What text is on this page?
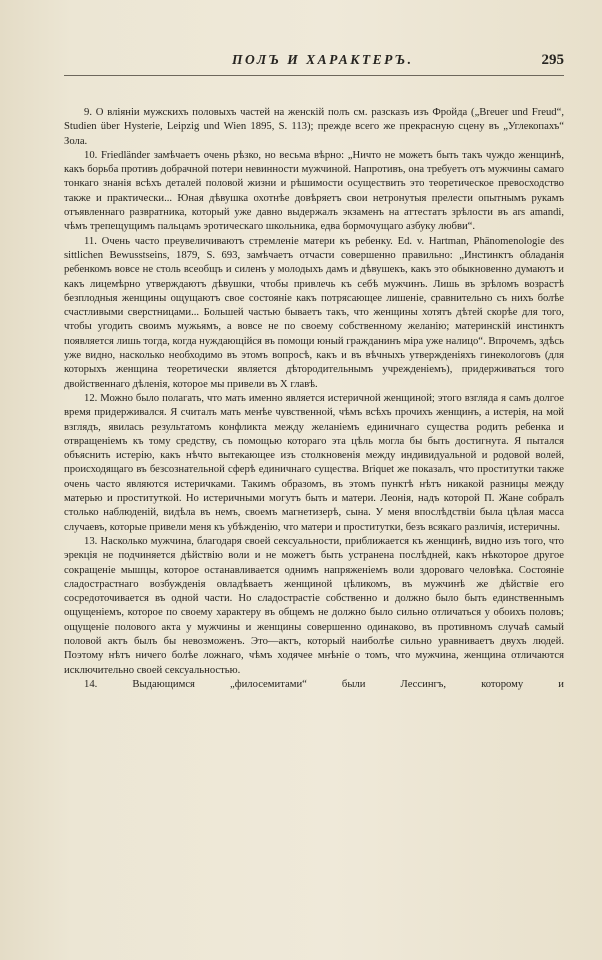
ПОЛЪ И ХАРАКТЕРЪ.	295

9. О вліяніи мужскихъ половыхъ частей на женскій полъ см. разсказъ изъ Фройда („Breuer und Freud“, Studien über Hysterie, Leipzig und Wien 1895, S. 113); прежде всего же прекрасную сцену въ „Углекопахъ“ Зола.

10. Friedländer замѣчаетъ очень рѣзко, но весьма вѣрно: „Ничто не можетъ быть такъ чуждо женщинѣ, какъ борьба противъ добрачной потери невинности мужчиной. Напротивъ, она требуетъ отъ мужчины самаго тонкаго знанія всѣхъ деталей половой жизни и рѣшимости осуществить это теоретическое превосходство также и практически... Юная дѣвушка охотнѣе довѣряетъ свои нетронутыя прелести опытнымъ рукамъ отъявленнаго развратника, который уже давно выдержалъ экзаменъ на аттестатъ зрѣлости въ ars amandi, чѣмъ трепещущимъ пальцамъ эротическаго школьника, едва бормочущаго азбуку любви“.

11. Очень часто преувеличиваютъ стремленіе матери къ ребенку. Ed. v. Hartman, Phänomenologie des sittlichen Bewusstseins, 1879, S. 693, замѣчаетъ отчасти совершенно правильно: „Инстинктъ обладанія ребенкомъ вовсе не столь всеобщъ и силенъ у молодыхъ дамъ и дѣвушекъ, какъ это обыкновенно думаютъ и какъ лицемѣрно утверждаютъ дѣвушки, чтобы привлечь къ себѣ мужчинъ. Лишь въ зрѣломъ возрастѣ безплодныя женщины ощущаютъ свое состояніе какъ потрясающее лишеніе, сравнительно съ нихъ болѣе счастливыми сверстницами... Большей частью бываетъ такъ, что женщины хотятъ дѣтей скорѣе для того, чтобы угодить своимъ мужьямъ, а вовсе не по своему собственному желанію; материнскій инстинктъ появляется лишь тогда, когда нуждающійся въ помощи юный гражданинъ міра уже налицо“. Впрочемъ, здѣсь уже видно, насколько необходимо въ этомъ вопросѣ, какъ и въ вѣчныхъ утвержденіяхъ гинекологовъ (для которыхъ женщина теоретически является дѣтородительнымъ учрежденіемъ), придерживаться того двойственнаго дѣленія, которое мы привели въ X главѣ.

12. Можно было полагать, что мать именно является истеричной женщиной; этого взгляда я самъ долгое время придерживался. Я считалъ мать менѣе чувственной, чѣмъ всѣхъ прочихъ женщинъ, а истерія, на мой взглядъ, явилась результатомъ конфликта между желаніемъ единичнаго существа родить ребенка и отвращеніемъ къ тому средству, съ помощью котораго эта цѣль могла бы быть достигнута. Я пытался объяснить истерію, какъ нѣчто вытекающее изъ столкновенія между индивидуальной и родовой волей, происходящаго въ безсознательной сферѣ единичнаго существа. Briquet же показалъ, что проститутки также очень часто являются истеричками. Такимъ образомъ, въ этомъ пунктѣ нѣтъ никакой разницы между матерью и проституткой. Но истеричными могутъ быть и матери. Леонія, надъ которой П. Жане собралъ столько наблюденій, видѣла въ немъ, своемъ магнетизерѣ, сына. У меня впослѣдствіи была цѣлая масса случаевъ, которые привели меня къ убѣжденію, что матери и проститутки, безъ всякаго различія, истеричны.

13. Насколько мужчина, благодаря своей сексуальности, приближается къ женщинѣ, видно изъ того, что эрекція не подчиняется дѣйствію воли и не можетъ быть устранена послѣдней, какъ нѣкоторое другое сокращеніе мышцы, которое останавливается однимъ напряженіемъ воли здороваго человѣка. Состояніе сладострастнаго возбужденія овладѣваетъ женщиной цѣликомъ, въ мужчинѣ же дѣйствіе его сосредоточивается въ одной части. Но сладострастіе собственно и должно было быть единственнымъ ощущеніемъ, которое по своему характеру въ общемъ не должно было сильно отличаться у обоихъ половъ; ощущеніе полового акта у мужчины и женщины совершенно одинаково, въ противномъ случаѣ самый половой актъ былъ бы невозможенъ. Это—актъ, который наиболѣе сильно уравниваетъ двухъ людей. Поэтому нѣтъ ничего болѣе ложнаго, чѣмъ ходячее мнѣніе о томъ, что мужчина, женщина отличаются исключительно своей сексуальностью.

14. Выдающимся „филосемитами“ были Лессингъ, которому и
